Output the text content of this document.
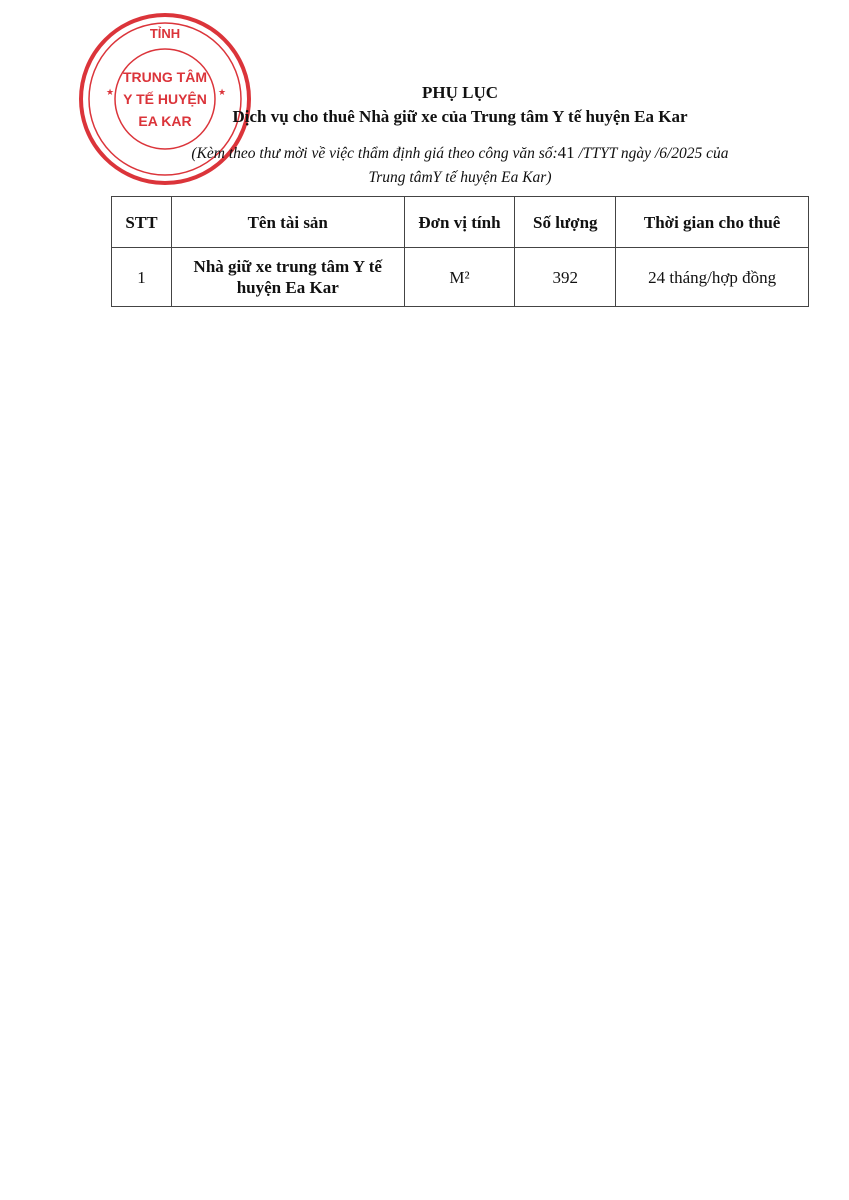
TỈNH
★	★
TRUNG TÂM
Y TẾ HUYỆN
EA KAR
PHỤ LỤC
Dịch vụ cho thuê Nhà giữ xe của Trung tâm Y tế huyện Ea Kar
(Kèm theo thư mời về việc thẩm định giá theo công văn số:41 /TTYT ngày /6/2025 của
Trung tâmY tế huyện Ea Kar)
STT	Tên tài sản	Đơn vị tính	Số lượng	Thời gian cho thuê
1	Nhà giữ xe trung tâm Y tế huyện Ea Kar	M²	392	24 tháng/hợp đồng
